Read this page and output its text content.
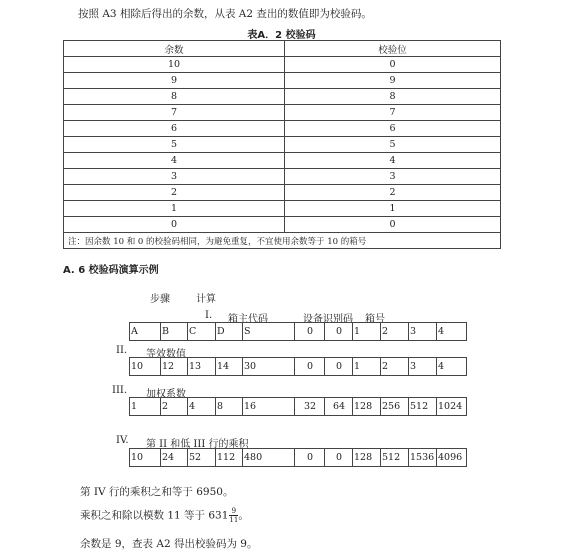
按照 A3 相除后得出的余数，从表 A2 查出的数值即为校验码。
表A．2 校验码
余数	校验位
10	0
9	9
8	8
7	7
6	6
5	5
4	4
3	3
2	2
1	1
0	0
注：因余数 10 和 0 的校验码相同，为避免重复，不宜使用余数等于 10 的箱号	
A. 6 校验码演算示例
步骤	计算
I. 箱主代码	设备识别码 箱号
A	B	C	D	S	0	0	1	2	3	4
II. 等效数值
10	12	13	14	30	0	0	1	2	3	4
III. 加权系数
1	2	4	8	16	32	64	128	256	512	1024
IV. 第 II 和低 III 行的乘积
10	24	52	112	480	0	0	128	512	1536	4096
第 IV 行的乘积之和等于 6950。
乘积之和除以模数 11 等于 $631 \frac{9}{11}$ 。
余数是 9，查表 A2 得出校验码为 9。
